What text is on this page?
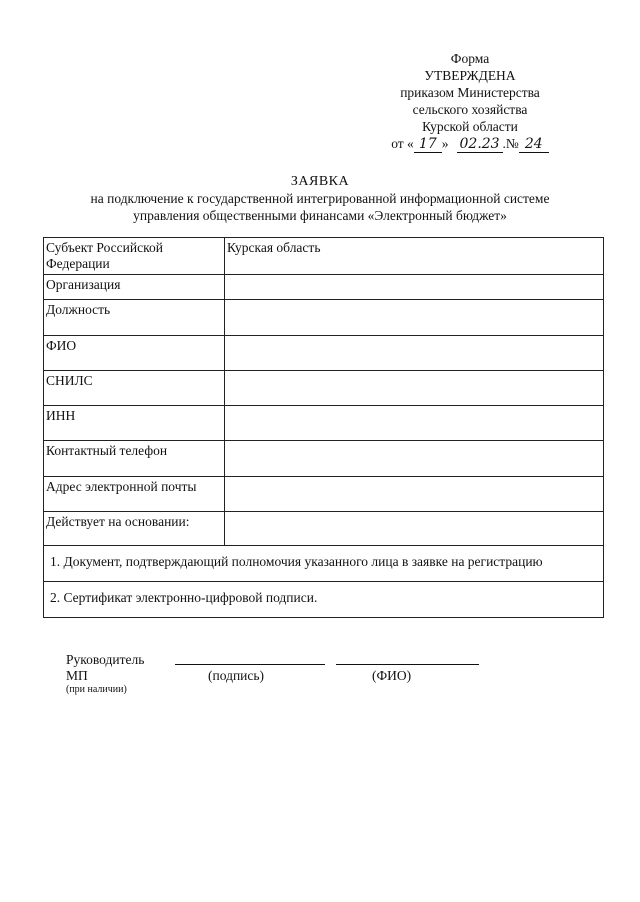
Форма
УТВЕРЖДЕНА
приказом Министерства
сельского хозяйства
Курской области
от « 17 » 02.23 .№ 24
ЗАЯВКА
на подключение к государственной интегрированной информационной системе
управления общественными финансами «Электронный бюджет»
Субъект Российской Федерации	Курская область
Организация	
Должность	
ФИО	
СНИЛС	
ИНН	
Контактный телефон	
Адрес электронной почты	
Действует на основании:	
1. Документ, подтверждающий полномочия указанного лица в заявке на регистрацию	
2. Сертификат электронно-цифровой подписи.	
Руководитель
МП	(подпись)	(ФИО)
(при наличии)
